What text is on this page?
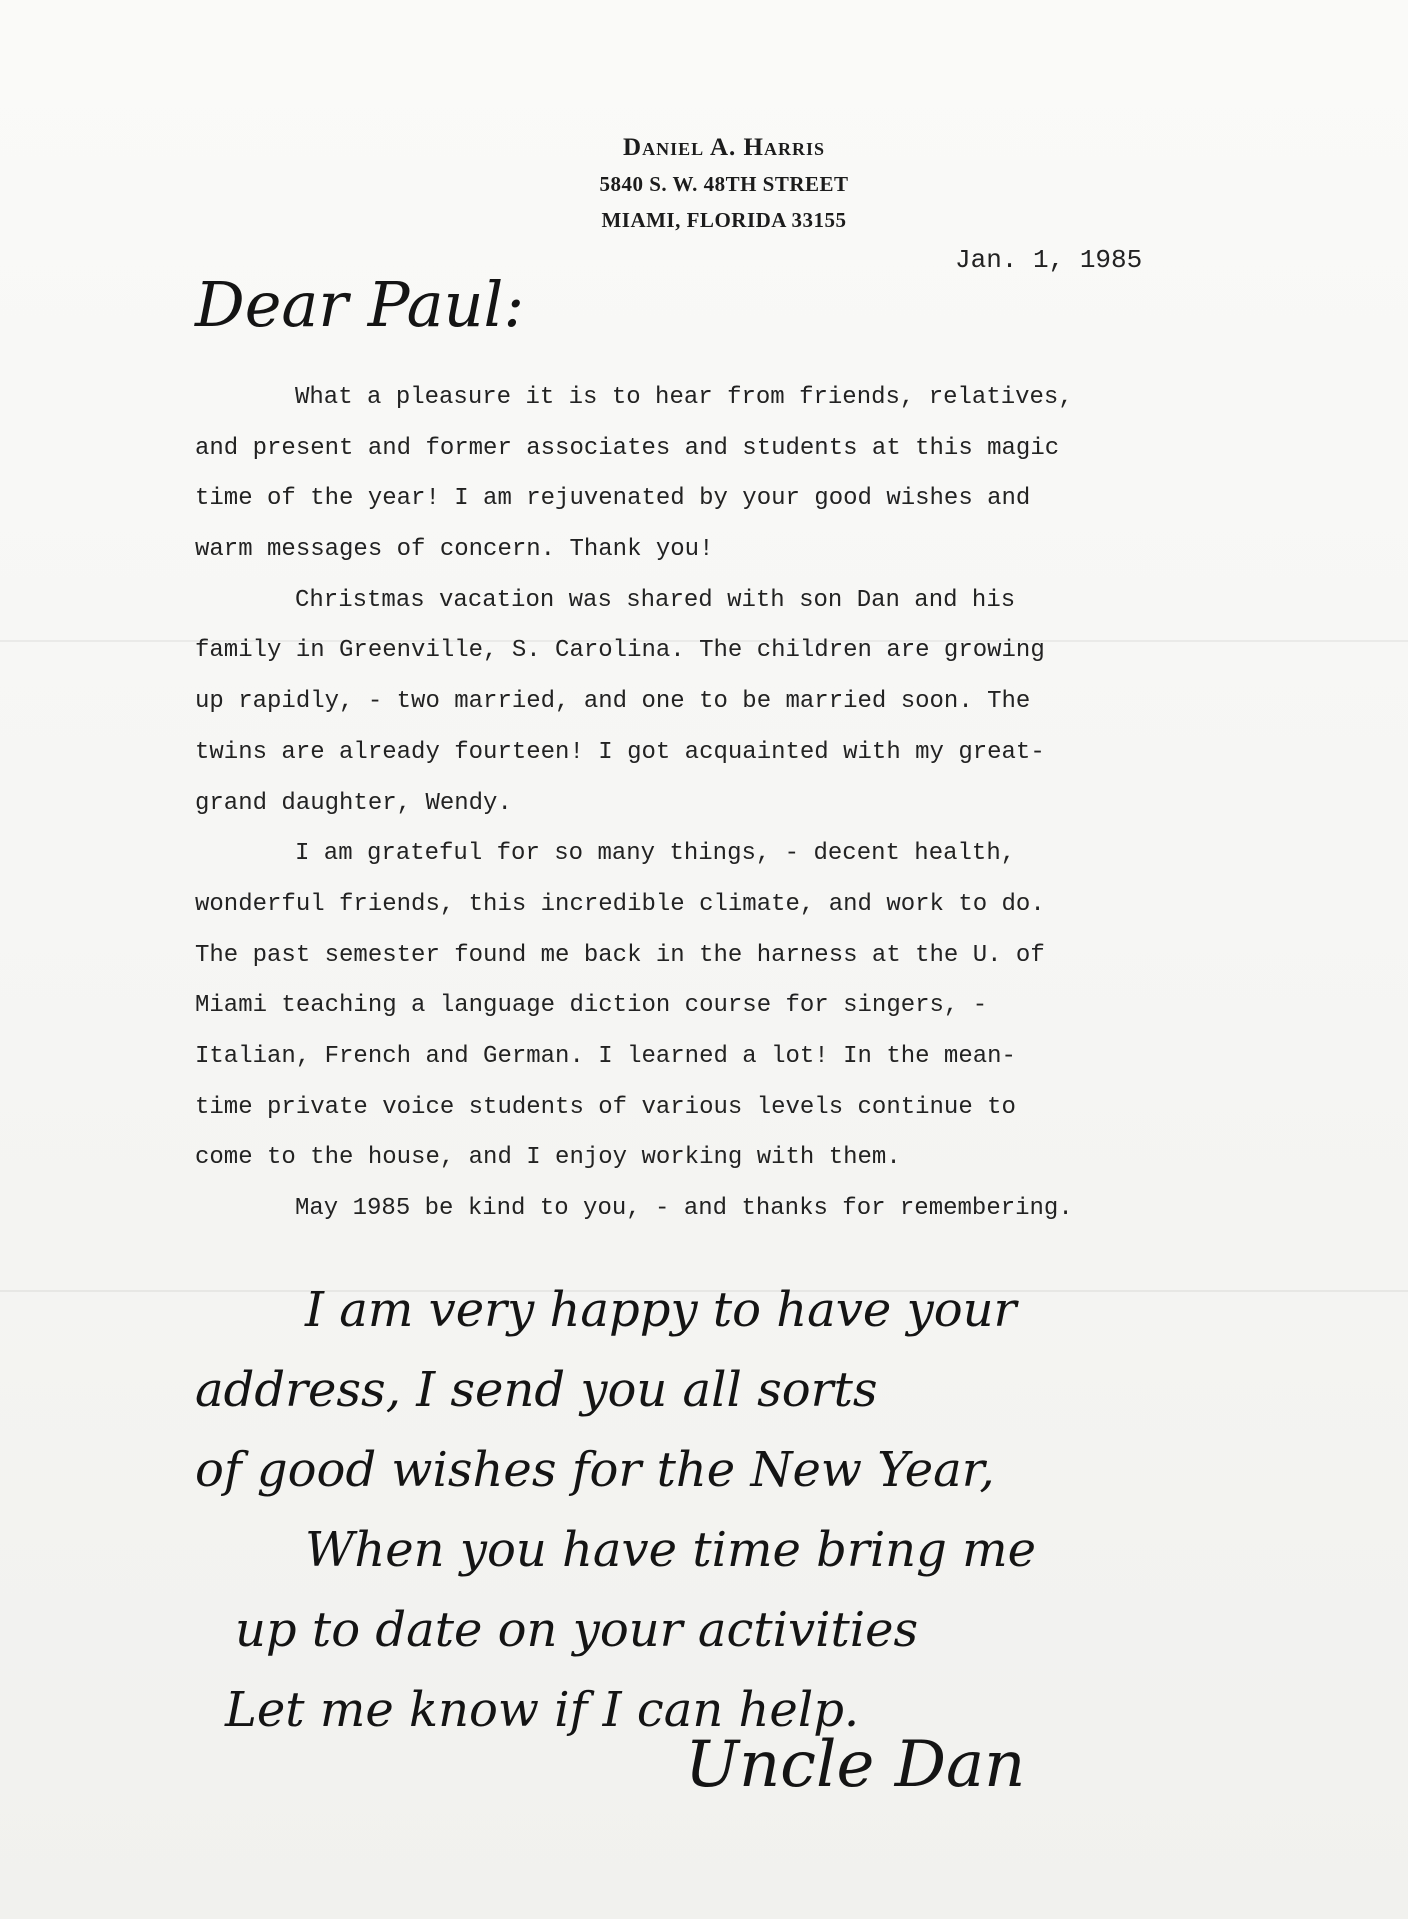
Daniel A. Harris
5840 S. W. 48TH STREET
MIAMI, FLORIDA 33155
Jan. 1, 1985
Dear Paul:
What a pleasure it is to hear from friends, relatives,
and present and former associates and students at this magic
time of the year! I am rejuvenated by your good wishes and
warm messages of concern. Thank you!
Christmas vacation was shared with son Dan and his
family in Greenville, S. Carolina. The children are growing
up rapidly, - two married, and one to be married soon. The
twins are already fourteen! I got acquainted with my great-
grand daughter, Wendy.
I am grateful for so many things, - decent health,
wonderful friends, this incredible climate, and work to do.
The past semester found me back in the harness at the U. of
Miami teaching a language diction course for singers, -
Italian, French and German. I learned a lot! In the mean-
time private voice students of various levels continue to
come to the house, and I enjoy working with them.
May 1985 be kind to you, - and thanks for remembering.
I am very happy to have your
address, I send you all sorts
of good wishes for the New Year,
When you have time bring me
up to date on your activities
Let me know if I can help.
Uncle Dan
